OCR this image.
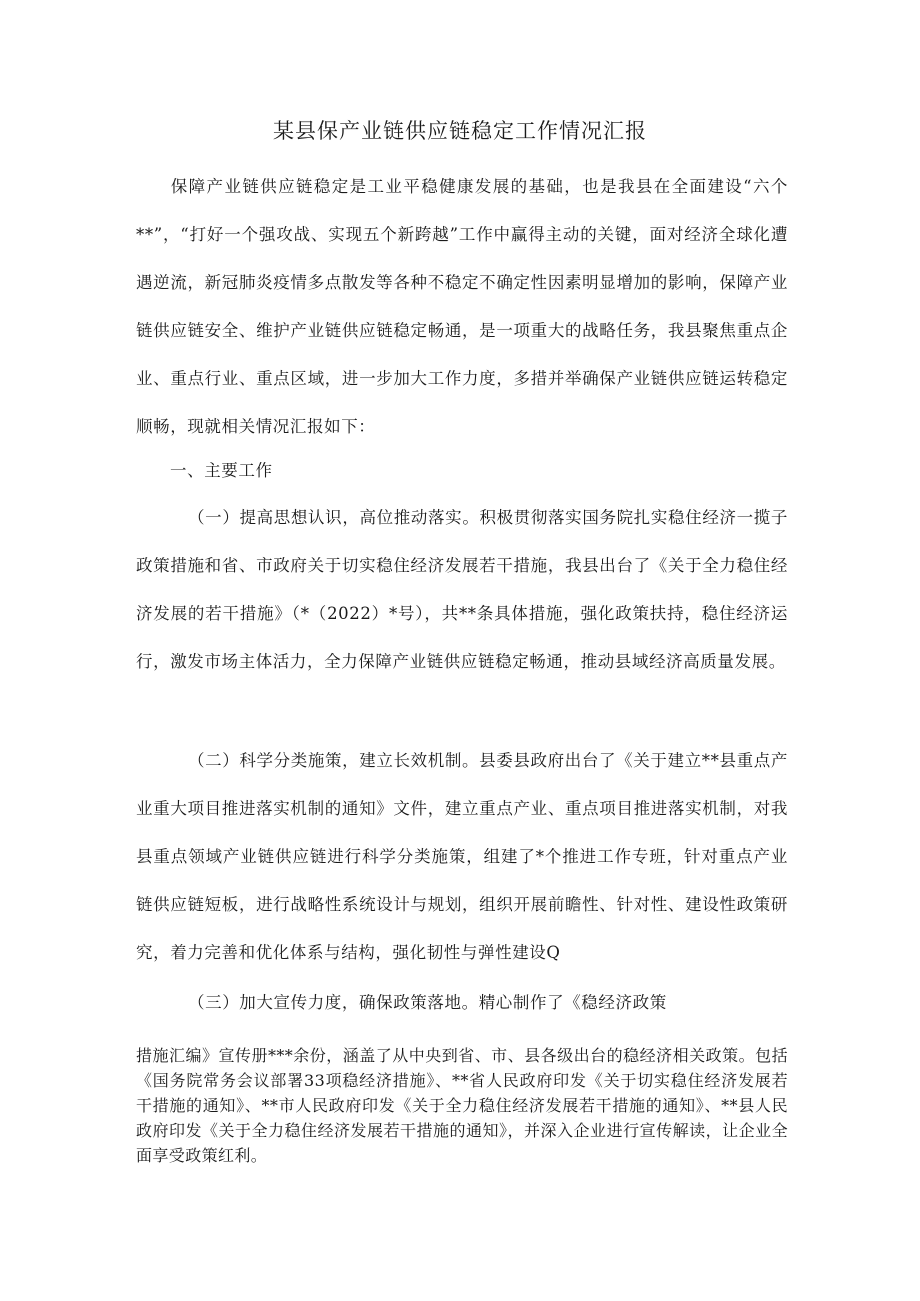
某县保产业链供应链稳定工作情况汇报
保障产业链供应链稳定是工业平稳健康发展的基础，也是我县在全面建设“六个**”，“打好一个强攻战、实现五个新跨越”工作中赢得主动的关键，面对经济全球化遭遇逆流，新冠肺炎疫情多点散发等各种不稳定不确定性因素明显增加的影响，保障产业链供应链安全、维护产业链供应链稳定畅通，是一项重大的战略任务，我县聚焦重点企业、重点行业、重点区域，进一步加大工作力度，多措并举确保产业链供应链运转稳定顺畅，现就相关情况汇报如下：
一、主要工作
（一）提高思想认识，高位推动落实。积极贯彻落实国务院扎实稳住经济一揽子政策措施和省、市政府关于切实稳住经济发展若干措施，我县出台了《关于全力稳住经济发展的若干措施》（*（2022）*号），共**条具体措施，强化政策扶持，稳住经济运行，激发市场主体活力，全力保障产业链供应链稳定畅通，推动县域经济高质量发展。
（二）科学分类施策，建立长效机制。县委县政府出台了《关于建立**县重点产业重大项目推进落实机制的通知》文件，建立重点产业、重点项目推进落实机制，对我县重点领域产业链供应链进行科学分类施策，组建了*个推进工作专班，针对重点产业链供应链短板，进行战略性系统设计与规划，组织开展前瞻性、针对性、建设性政策研究，着力完善和优化体系与结构，强化韧性与弹性建设Q
（三）加大宣传力度，确保政策落地。精心制作了《稳经济政策
措施汇编》宣传册***余份，涵盖了从中央到省、市、县各级出台的稳经济相关政策。包括《国务院常务会议部署33项稳经济措施》、**省人民政府印发《关于切实稳住经济发展若干措施的通知》、**市人民政府印发《关于全力稳住经济发展若干措施的通知》、**县人民政府印发《关于全力稳住经济发展若干措施的通知》，并深入企业进行宣传解读，让企业全面享受政策红利。
